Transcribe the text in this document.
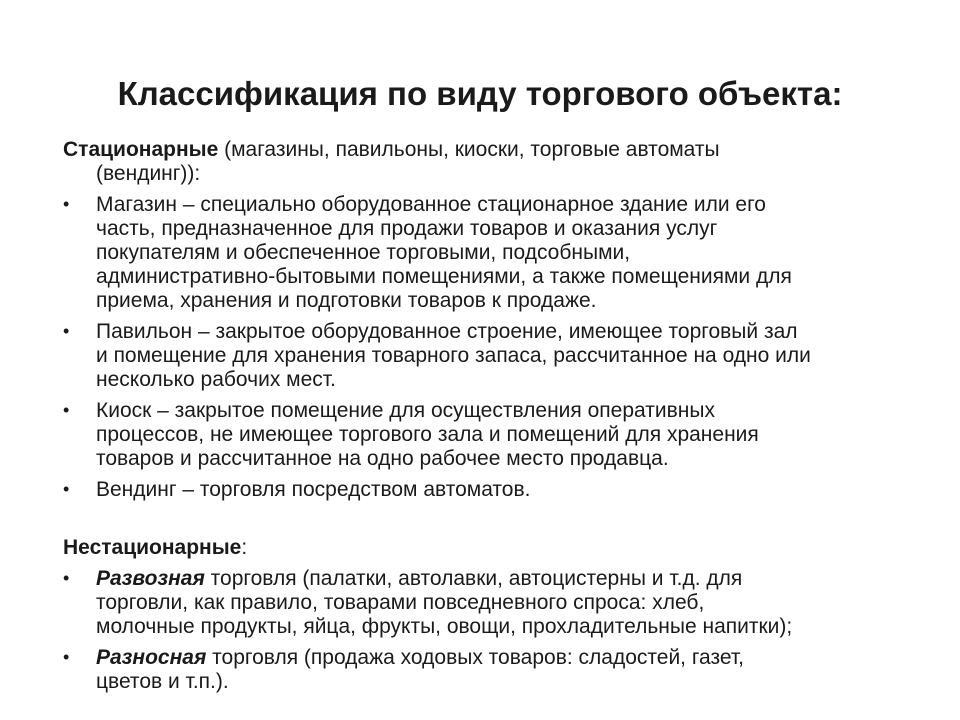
Классификация по виду торгового объекта:
Стационарные (магазины, павильоны, киоски, торговые автоматы
(вендинг)):
• Магазин – специально оборудованное стационарное здание или его
часть, предназначенное для продажи товаров и оказания услуг
покупателям и обеспеченное торговыми, подсобными,
административно-бытовыми помещениями, а также помещениями для
приема, хранения и подготовки товаров к продаже.
• Павильон – закрытое оборудованное строение, имеющее торговый зал
и помещение для хранения товарного запаса, рассчитанное на одно или
несколько рабочих мест.
• Киоск – закрытое помещение для осуществления оперативных
процессов, не имеющее торгового зала и помещений для хранения
товаров и рассчитанное на одно рабочее место продавца.
• Вендинг – торговля посредством автоматов.
Нестационарные:
• Развозная торговля (палатки, автолавки, автоцистерны и т.д. для
торговли, как правило, товарами повседневного спроса: хлеб,
молочные продукты, яйца, фрукты, овощи, прохладительные напитки);
• Разносная торговля (продажа ходовых товаров: сладостей, газет,
цветов и т.п.).
